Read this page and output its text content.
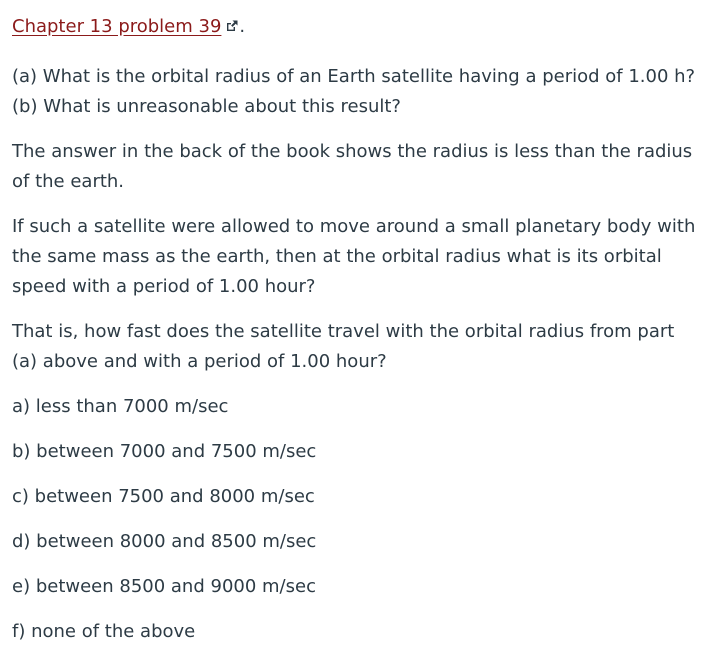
Chapter 13 problem 39 .

(a) What is the orbital radius of an Earth satellite having a period of 1.00 h? (b) What is unreasonable about this result?

The answer in the back of the book shows the radius is less than the radius of the earth.

If such a satellite were allowed to move around a small planetary body with the same mass as the earth, then at the orbital radius what is its orbital speed with a period of 1.00 hour?

That is, how fast does the satellite travel with the orbital radius from part (a) above and with a period of 1.00 hour?

a) less than 7000 m/sec
b) between 7000 and 7500 m/sec
c) between 7500 and 8000 m/sec
d) between 8000 and 8500 m/sec
e) between 8500 and 9000 m/sec
f) none of the above
